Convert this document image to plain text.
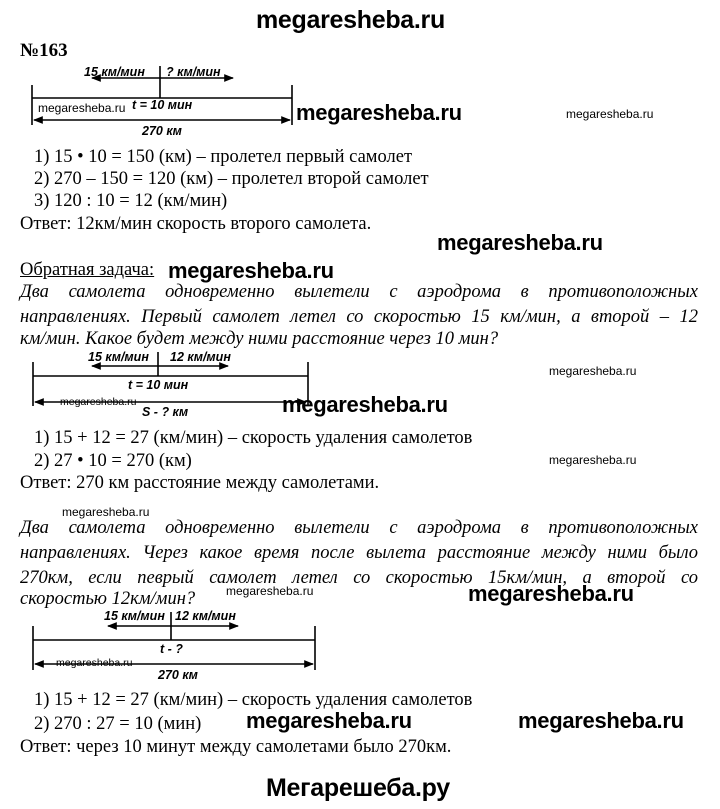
megaresheba.ru
Мегарешеба.ру
№163
15 км/мин ? км/мин
t = 10 мин
270 км
megaresheba.ru	megaresheba.ru	megaresheba.ru
1) 15 • 10 = 150 (км) – пролетел первый самолет
2) 270 – 150 = 120 (км) – пролетел второй самолет
3) 120 : 10 = 12 (км/мин)
Ответ: 12км/мин скорость второго самолета.
megaresheba.ru
Обратная задача: megaresheba.ru
Два самолета одновременно вылетели с аэродрома в противоположных
направлениях. Первый самолет летел со скоростью 15 км/мин, а второй – 12
км/мин. Какое будет между ними расстояние через 10 мин?
15 км/мин 12 км/мин
t = 10 мин
S - ? км
megaresheba.ru	megaresheba.ru
megaresheba.ru
1) 15 + 12 = 27 (км/мин) – скорость удаления самолетов
2) 27 • 10 = 270 (км)	megaresheba.ru
Ответ: 270 км расстояние между самолетами.
megaresheba.ru
Два самолета одновременно вылетели с аэродрома в противоположных
направлениях. Через какое время после вылета расстояние между ними было
270км, если певрый самолет летел со скоростью 15км/мин, а второй со
скоростью 12км/мин?	megaresheba.ru	megaresheba.ru
15 км/мин 12 км/мин
t - ?
270 км
megaresheba.ru
1) 15 + 12 = 27 (км/мин) – скорость удаления самолетов
2) 270 : 27 = 10 (мин) megaresheba.ru	megaresheba.ru
Ответ: через 10 минут между самолетами было 270км.
